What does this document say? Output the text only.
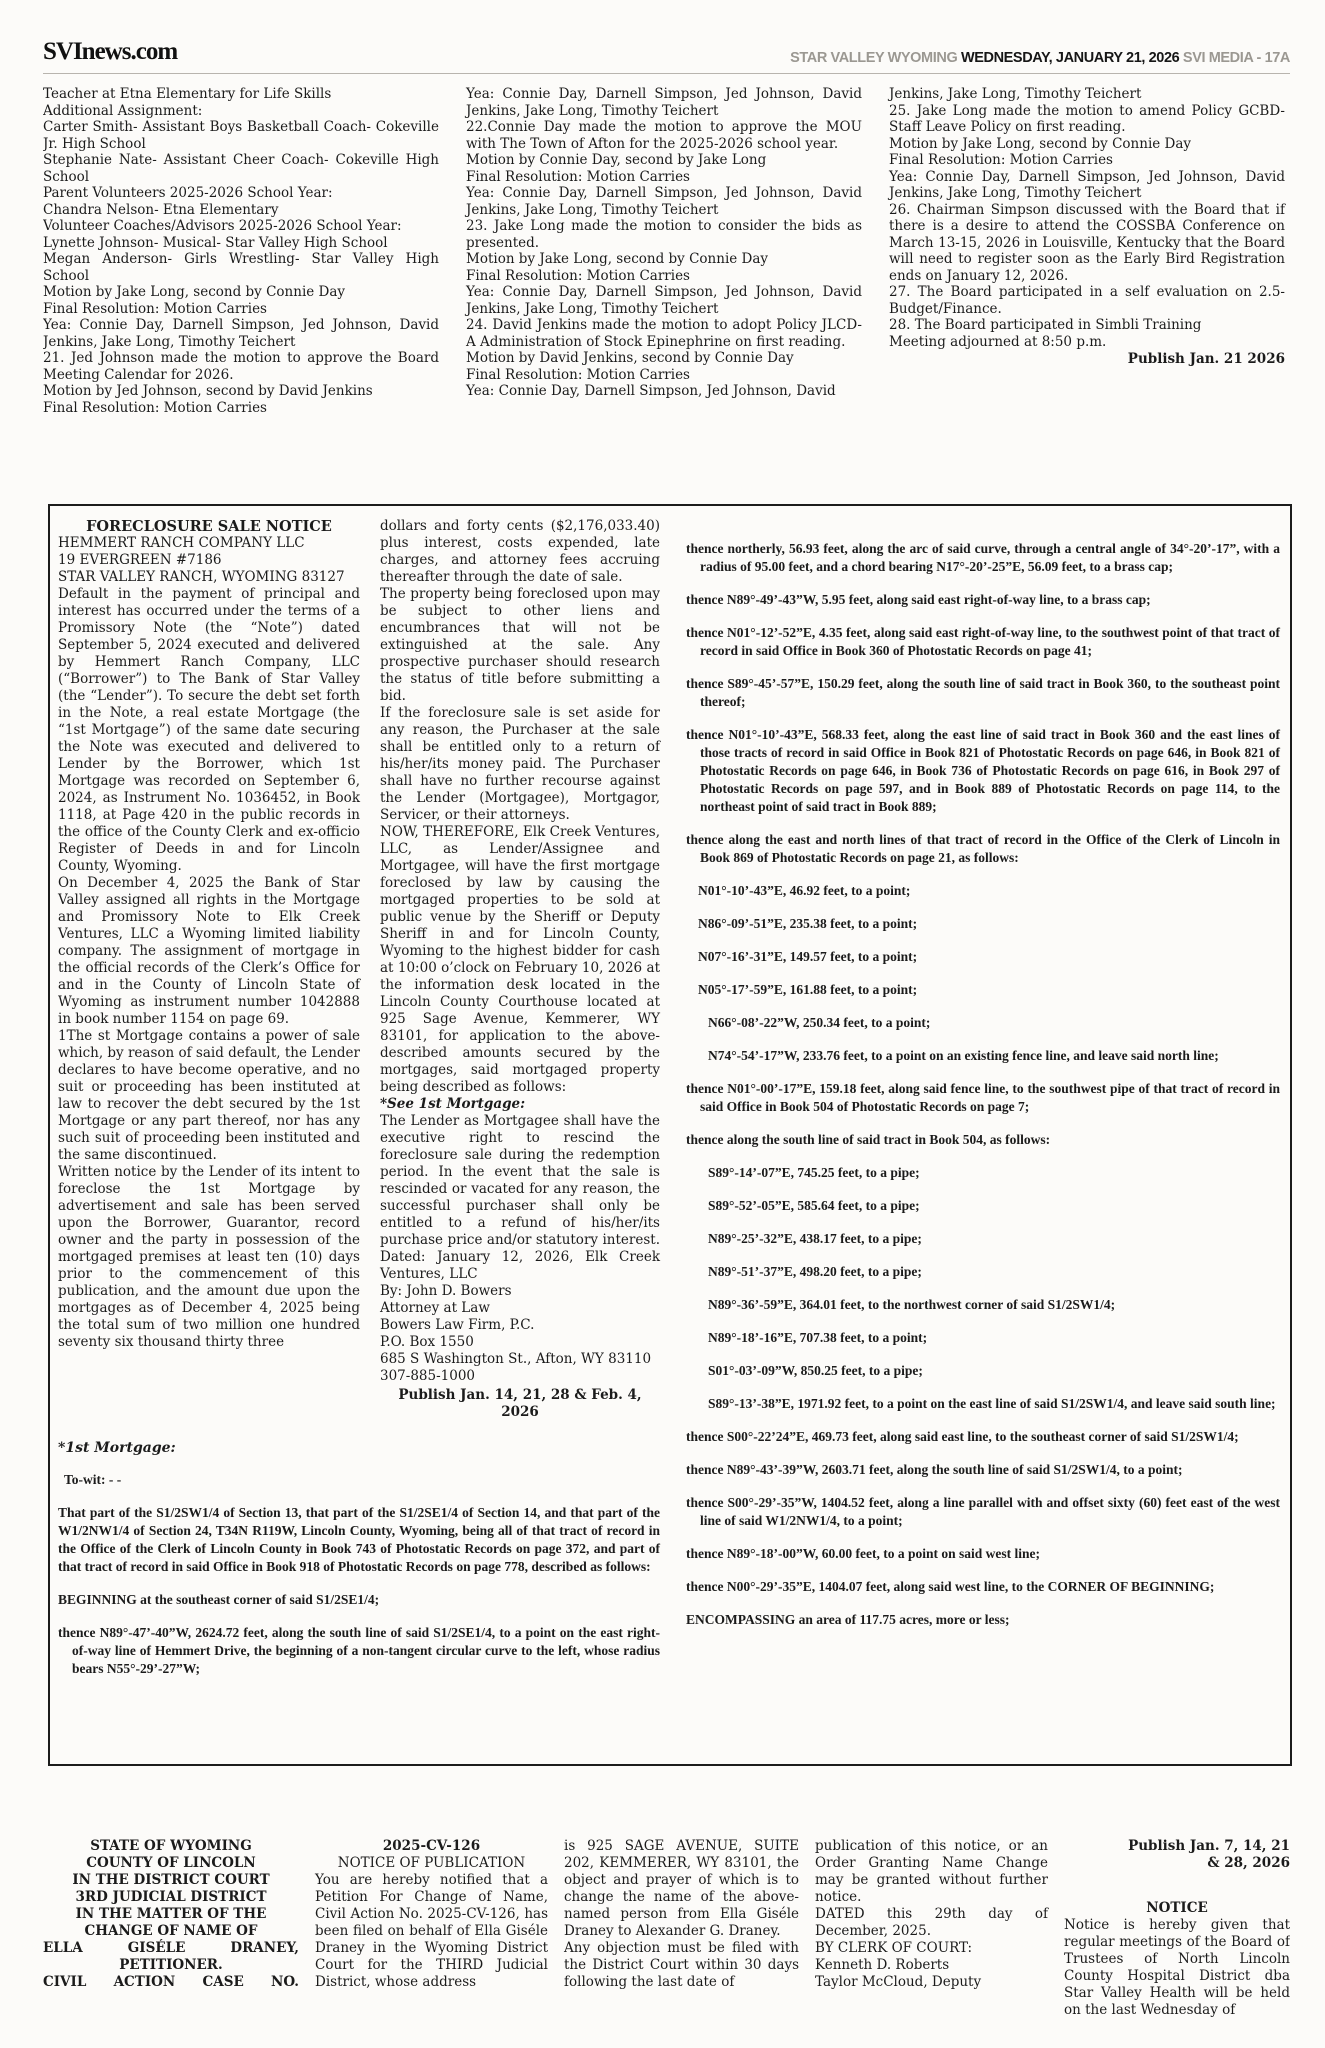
SVInews.com	STAR VALLEY WYOMING WEDNESDAY, JANUARY 21, 2026 SVI MEDIA - 17A

Teacher at Etna Elementary for Life Skills

Additional Assignment:

Carter Smith- Assistant Boys Basketball Coach- Cokeville Jr. High School

Stephanie Nate- Assistant Cheer Coach- Cokeville High School

Parent Volunteers 2025-2026 School Year:

Chandra Nelson- Etna Elementary

Volunteer Coaches/Advisors 2025-2026 School Year:

Lynette Johnson- Musical- Star Valley High School

Megan Anderson- Girls Wrestling- Star Valley High School

Motion by Jake Long, second by Connie Day

Final Resolution: Motion Carries

Yea: Connie Day, Darnell Simpson, Jed Johnson, David Jenkins, Jake Long, Timothy Teichert

21. Jed Johnson made the motion to approve the Board Meeting Calendar for 2026.

Motion by Jed Johnson, second by David Jenkins

Final Resolution: Motion Carries

Yea: Connie Day, Darnell Simpson, Jed Johnson, David Jenkins, Jake Long, Timothy Teichert

22.Connie Day made the motion to approve the MOU with The Town of Afton for the 2025-2026 school year.

Motion by Connie Day, second by Jake Long

Final Resolution: Motion Carries

Yea: Connie Day, Darnell Simpson, Jed Johnson, David Jenkins, Jake Long, Timothy Teichert

23. Jake Long made the motion to consider the bids as presented.

Motion by Jake Long, second by Connie Day

Final Resolution: Motion Carries

Yea: Connie Day, Darnell Simpson, Jed Johnson, David Jenkins, Jake Long, Timothy Teichert

24. David Jenkins made the motion to adopt Policy JLCD-A Administration of Stock Epinephrine on first reading.

Motion by David Jenkins, second by Connie Day

Final Resolution: Motion Carries

Yea: Connie Day, Darnell Simpson, Jed Johnson, David

Jenkins, Jake Long, Timothy Teichert

25. Jake Long made the motion to amend Policy GCBD-Staff Leave Policy on first reading.

Motion by Jake Long, second by Connie Day

Final Resolution: Motion Carries

Yea: Connie Day, Darnell Simpson, Jed Johnson, David Jenkins, Jake Long, Timothy Teichert

26. Chairman Simpson discussed with the Board that if there is a desire to attend the COSSBA Conference on March 13-15, 2026 in Louisville, Kentucky that the Board will need to register soon as the Early Bird Registration ends on January 12, 2026.

27. The Board participated in a self evaluation on 2.5-Budget/Finance.

28. The Board participated in Simbli Training

Meeting adjourned at 8:50 p.m.

Publish Jan. 21 2026

FORECLOSURE SALE NOTICE

HEMMERT RANCH COMPANY LLC

19 EVERGREEN #7186

STAR VALLEY RANCH, WYOMING 83127

Default in the payment of principal and interest has occurred under the terms of a Promissory Note (the “Note”) dated September 5, 2024 executed and delivered by Hemmert Ranch Company, LLC (“Borrower”) to The Bank of Star Valley (the “Lender”). To secure the debt set forth in the Note, a real estate Mortgage (the “1st Mortgage”) of the same date securing the Note was executed and delivered to Lender by the Borrower, which 1st Mortgage was recorded on September 6, 2024, as Instrument No. 1036452, in Book 1118, at Page 420 in the public records in the office of the County Clerk and ex-officio Register of Deeds in and for Lincoln County, Wyoming.

On December 4, 2025 the Bank of Star Valley assigned all rights in the Mortgage and Promissory Note to Elk Creek Ventures, LLC a Wyoming limited liability company. The assignment of mortgage in the official records of the Clerk’s Office for and in the County of Lincoln State of Wyoming as instrument number 1042888 in book number 1154 on page 69.

1The st Mortgage contains a power of sale which, by reason of said default, the Lender declares to have become operative, and no suit or proceeding has been instituted at law to recover the debt secured by the 1st Mortgage or any part thereof, nor has any such suit of proceeding been instituted and the same discontinued.

Written notice by the Lender of its intent to foreclose the 1st Mortgage by advertisement and sale has been served upon the Borrower, Guarantor, record owner and the party in possession of the mortgaged premises at least ten (10) days prior to the commencement of this publication, and the amount due upon the mortgages as of December 4, 2025 being the total sum of two million one hundred seventy six thousand thirty three

dollars and forty cents ($2,176,033.40) plus interest, costs expended, late charges, and attorney fees accruing thereafter through the date of sale.

The property being foreclosed upon may be subject to other liens and encumbrances that will not be extinguished at the sale. Any prospective purchaser should research the status of title before submitting a bid.

If the foreclosure sale is set aside for any reason, the Purchaser at the sale shall be entitled only to a return of his/her/its money paid. The Purchaser shall have no further recourse against the Lender (Mortgagee), Mortgagor, Servicer, or their attorneys.

NOW, THEREFORE, Elk Creek Ventures, LLC, as Lender/Assignee and Mortgagee, will have the first mortgage foreclosed by law by causing the mortgaged properties to be sold at public venue by the Sheriff or Deputy Sheriff in and for Lincoln County, Wyoming to the highest bidder for cash at 10:00 o’clock on February 10, 2026 at the information desk located in the Lincoln County Courthouse located at 925 Sage Avenue, Kemmerer, WY 83101, for application to the above-described amounts secured by the mortgages, said mortgaged property being described as follows:

*See 1st Mortgage:

The Lender as Mortgagee shall have the executive right to rescind the foreclosure sale during the redemption period. In the event that the sale is rescinded or vacated for any reason, the successful purchaser shall only be entitled to a refund of his/her/its purchase price and/or statutory interest. Dated: January 12, 2026, Elk Creek Ventures, LLC

By: John D. Bowers

Attorney at Law

Bowers Law Firm, P.C.

P.O. Box 1550

685 S Washington St., Afton, WY 83110

307-885-1000

Publish Jan. 14, 21, 28 & Feb. 4, 2026

*1st Mortgage:

To-wit: - -

That part of the S1/2SW1/4 of Section 13, that part of the S1/2SE1/4 of Section 14, and that part of the W1/2NW1/4 of Section 24, T34N R119W, Lincoln County, Wyoming, being all of that tract of record in the Office of the Clerk of Lincoln County in Book 743 of Photostatic Records on page 372, and part of that tract of record in said Office in Book 918 of Photostatic Records on page 778, described as follows:

BEGINNING at the southeast corner of said S1/2SE1/4;

thence N89°-47’-40”W, 2624.72 feet, along the south line of said S1/2SE1/4, to a point on the east right-of-way line of Hemmert Drive, the beginning of a non-tangent circular curve to the left, whose radius bears N55°-29’-27”W;

thence northerly, 56.93 feet, along the arc of said curve, through a central angle of 34°-20’-17”, with a radius of 95.00 feet, and a chord bearing N17°-20’-25”E, 56.09 feet, to a brass cap;

thence N89°-49’-43”W, 5.95 feet, along said east right-of-way line, to a brass cap;

thence N01°-12’-52”E, 4.35 feet, along said east right-of-way line, to the southwest point of that tract of record in said Office in Book 360 of Photostatic Records on page 41;

thence S89°-45’-57”E, 150.29 feet, along the south line of said tract in Book 360, to the southeast point thereof;

thence N01°-10’-43”E, 568.33 feet, along the east line of said tract in Book 360 and the east lines of those tracts of record in said Office in Book 821 of Photostatic Records on page 646, in Book 821 of Photostatic Records on page 646, in Book 736 of Photostatic Records on page 616, in Book 297 of Photostatic Records on page 597, and in Book 889 of Photostatic Records on page 114, to the northeast point of said tract in Book 889;

thence along the east and north lines of that tract of record in the Office of the Clerk of Lincoln in Book 869 of Photostatic Records on page 21, as follows:

N01°-10’-43”E, 46.92 feet, to a point;

N86°-09’-51”E, 235.38 feet, to a point;

N07°-16’-31”E, 149.57 feet, to a point;

N05°-17’-59”E, 161.88 feet, to a point;

N66°-08’-22”W, 250.34 feet, to a point;

N74°-54’-17”W, 233.76 feet, to a point on an existing fence line, and leave said north line;

thence N01°-00’-17”E, 159.18 feet, along said fence line, to the southwest pipe of that tract of record in said Office in Book 504 of Photostatic Records on page 7;

thence along the south line of said tract in Book 504, as follows:

S89°-14’-07”E, 745.25 feet, to a pipe;

S89°-52’-05”E, 585.64 feet, to a pipe;

N89°-25’-32”E, 438.17 feet, to a pipe;

N89°-51’-37”E, 498.20 feet, to a pipe;

N89°-36’-59”E, 364.01 feet, to the northwest corner of said S1/2SW1/4;

N89°-18’-16”E, 707.38 feet, to a point;

S01°-03’-09”W, 850.25 feet, to a pipe;

S89°-13’-38”E, 1971.92 feet, to a point on the east line of said S1/2SW1/4, and leave said south line;

thence S00°-22’24”E, 469.73 feet, along said east line, to the southeast corner of said S1/2SW1/4;

thence N89°-43’-39”W, 2603.71 feet, along the south line of said S1/2SW1/4, to a point;

thence S00°-29’-35”W, 1404.52 feet, along a line parallel with and offset sixty (60) feet east of the west line of said W1/2NW1/4, to a point;

thence N89°-18’-00”W, 60.00 feet, to a point on said west line;

thence N00°-29’-35”E, 1404.07 feet, along said west line, to the CORNER OF BEGINNING;

ENCOMPASSING an area of 117.75 acres, more or less;

STATE OF WYOMING

COUNTY OF LINCOLN

IN THE DISTRICT COURT

3RD JUDICIAL DISTRICT

IN THE MATTER OF THE

CHANGE OF NAME OF

ELLA GISÉLE DRANEY,

PETITIONER.

CIVIL ACTION CASE NO.

2025-CV-126

NOTICE OF PUBLICATION

You are hereby notified that a Petition For Change of Name, Civil Action No. 2025-CV-126, has been filed on behalf of Ella Giséle Draney in the Wyoming District Court for the THIRD Judicial District, whose address

is 925 SAGE AVENUE, SUITE 202, KEMMERER, WY 83101, the object and prayer of which is to change the name of the above-named person from Ella Giséle Draney to Alexander G. Draney.

Any objection must be filed with the District Court within 30 days following the last date of

publication of this notice, or an Order Granting Name Change may be granted without further notice.

DATED this 29th day of December, 2025.

BY CLERK OF COURT:

Kenneth D. Roberts

Taylor McCloud, Deputy

Publish Jan. 7, 14, 21 & 28, 2026

NOTICE

Notice is hereby given that regular meetings of the Board of Trustees of North Lincoln County Hospital District dba Star Valley Health will be held on the last Wednesday of
